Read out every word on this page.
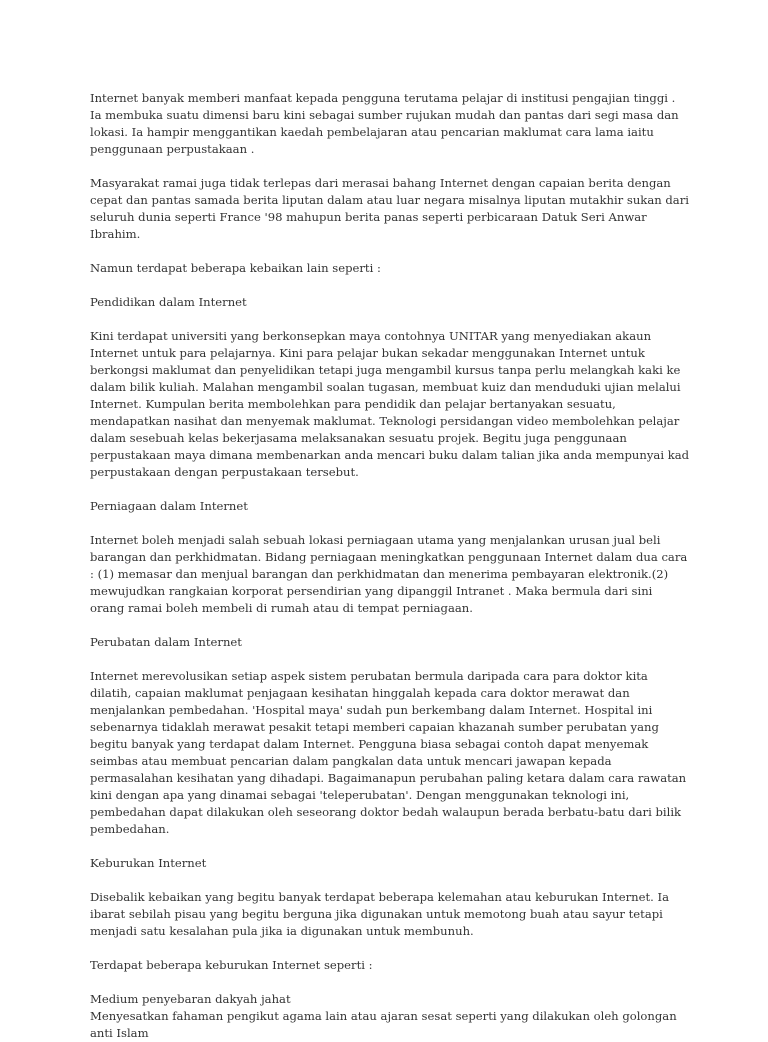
Internet banyak memberi manfaat kepada pengguna terutama pelajar di institusi pengajian tinggi . Ia membuka suatu dimensi baru kini sebagai sumber rujukan mudah dan pantas dari segi masa dan lokasi. Ia hampir menggantikan kaedah pembelajaran atau pencarian maklumat cara lama iaitu penggunaan perpustakaan .

Masyarakat ramai juga tidak terlepas dari merasai bahang Internet dengan capaian berita dengan cepat dan pantas samada berita liputan dalam atau luar negara misalnya liputan mutakhir sukan dari seluruh dunia seperti France '98 mahupun berita panas seperti perbicaraan Datuk Seri Anwar Ibrahim.

Namun terdapat beberapa kebaikan lain seperti :

Pendidikan dalam Internet

Kini terdapat universiti yang berkonsepkan maya contohnya UNITAR yang menyediakan akaun Internet untuk para pelajarnya. Kini para pelajar bukan sekadar menggunakan Internet untuk berkongsi maklumat dan penyelidikan tetapi juga mengambil kursus tanpa perlu melangkah kaki ke dalam bilik kuliah. Malahan mengambil soalan tugasan, membuat kuiz dan menduduki ujian melalui Internet. Kumpulan berita membolehkan para pendidik dan pelajar bertanyakan sesuatu, mendapatkan nasihat dan menyemak maklumat. Teknologi persidangan video membolehkan pelajar dalam sesebuah kelas bekerjasama melaksanakan sesuatu projek. Begitu juga penggunaan perpustakaan maya dimana membenarkan anda mencari buku dalam talian jika anda mempunyai kad perpustakaan dengan perpustakaan tersebut.

Perniagaan dalam Internet

Internet boleh menjadi salah sebuah lokasi perniagaan utama yang menjalankan urusan jual beli barangan dan perkhidmatan. Bidang perniagaan meningkatkan penggunaan Internet dalam dua cara : (1) memasar dan menjual barangan dan perkhidmatan dan menerima pembayaran elektronik.(2) mewujudkan rangkaian korporat persendirian yang dipanggil Intranet . Maka bermula dari sini orang ramai boleh membeli di rumah atau di tempat perniagaan.

Perubatan dalam Internet

Internet merevolusikan setiap aspek sistem perubatan bermula daripada cara para doktor kita dilatih, capaian maklumat penjagaan kesihatan hinggalah kepada cara doktor merawat dan menjalankan pembedahan. 'Hospital maya' sudah pun berkembang dalam Internet. Hospital ini sebenarnya tidaklah merawat pesakit tetapi memberi capaian khazanah sumber perubatan yang begitu banyak yang terdapat dalam Internet. Pengguna biasa sebagai contoh dapat menyemak seimbas atau membuat pencarian dalam pangkalan data untuk mencari jawapan kepada permasalahan kesihatan yang dihadapi. Bagaimanapun perubahan paling ketara dalam cara rawatan kini dengan apa yang dinamai sebagai 'teleperubatan'. Dengan menggunakan teknologi ini, pembedahan dapat dilakukan oleh seseorang doktor bedah walaupun berada berbatu-batu dari bilik pembedahan.

Keburukan Internet

Disebalik kebaikan yang begitu banyak terdapat beberapa kelemahan atau keburukan Internet. Ia ibarat sebilah pisau yang begitu berguna jika digunakan untuk memotong buah atau sayur tetapi menjadi satu kesalahan pula jika ia digunakan untuk membunuh.

Terdapat beberapa keburukan Internet seperti :

Medium penyebaran dakyah jahat

Menyesatkan fahaman pengikut agama lain atau ajaran sesat seperti yang dilakukan oleh golongan anti Islam
